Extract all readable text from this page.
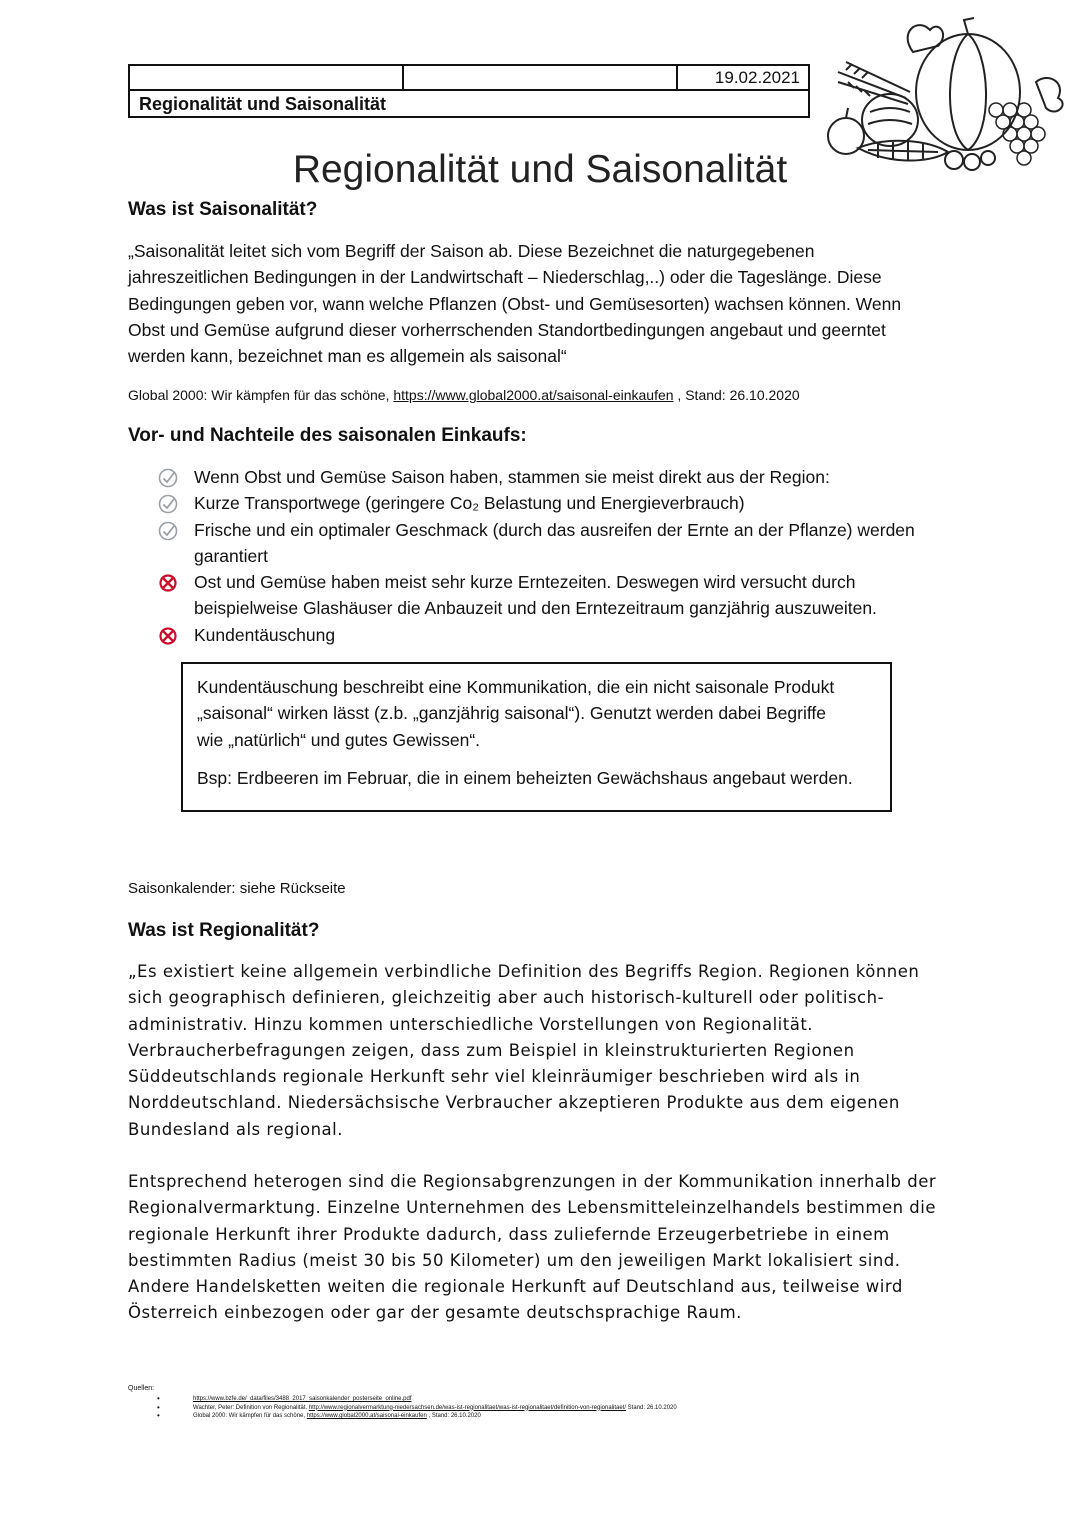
19.02.2021
Regionalität und Saisonalität
Regionalität und Saisonalität
Was ist Saisonalität?
„Saisonalität leitet sich vom Begriff der Saison ab. Diese Bezeichnet die naturgegebenen
jahreszeitlichen Bedingungen in der Landwirtschaft – Niederschlag,..) oder die Tageslänge. Diese
Bedingungen geben vor, wann welche Pflanzen (Obst- und Gemüsesorten) wachsen können. Wenn
Obst und Gemüse aufgrund dieser vorherrschenden Standortbedingungen angebaut und geerntet
werden kann, bezeichnet man es allgemein als saisonal“
Global 2000: Wir kämpfen für das schöne, https://www.global2000.at/saisonal-einkaufen , Stand: 26.10.2020
Vor- und Nachteile des saisonalen Einkaufs:
Wenn Obst und Gemüse Saison haben, stammen sie meist direkt aus der Region:
Kurze Transportwege (geringere Co₂ Belastung und Energieverbrauch)
Frische und ein optimaler Geschmack (durch das ausreifen der Ernte an der Pflanze) werden
garantiert
Ost und Gemüse haben meist sehr kurze Erntezeiten. Deswegen wird versucht durch
beispielweise Glashäuser die Anbauzeit und den Erntezeitraum ganzjährig auszuweiten.
Kundentäuschung

Kundentäuschung beschreibt eine Kommunikation, die ein nicht saisonale Produkt
„saisonal“ wirken lässt (z.b. „ganzjährig saisonal“). Genutzt werden dabei Begriffe
wie „natürlich“ und gutes Gewissen“.

Bsp: Erdbeeren im Februar, die in einem beheizten Gewächshaus angebaut werden.

Saisonkalender: siehe Rückseite
Was ist Regionalität?
„Es existiert keine allgemein verbindliche Definition des Begriffs Region. Regionen können
sich geographisch definieren, gleichzeitig aber auch historisch-kulturell oder politisch-
administrativ. Hinzu kommen unterschiedliche Vorstellungen von Regionalität.
Verbraucherbefragungen zeigen, dass zum Beispiel in kleinstrukturierten Regionen
Süddeutschlands regionale Herkunft sehr viel kleinräumiger beschrieben wird als in
Norddeutschland. Niedersächsische Verbraucher akzeptieren Produkte aus dem eigenen
Bundesland als regional.
Entsprechend heterogen sind die Regionsabgrenzungen in der Kommunikation innerhalb der
Regionalvermarktung. Einzelne Unternehmen des Lebensmitteleinzelhandels bestimmen die
regionale Herkunft ihrer Produkte dadurch, dass zuliefernde Erzeugerbetriebe in einem
bestimmten Radius (meist 30 bis 50 Kilometer) um den jeweiligen Markt lokalisiert sind.
Andere Handelsketten weiten die regionale Herkunft auf Deutschland aus, teilweise wird
Österreich einbezogen oder gar der gesamte deutschsprachige Raum.
Quellen:
• https://www.bzfe.de/_data/files/3488_2017_saisonkalender_posterseite_online.pdf
• Wachter, Peter: Definition von Regionalität. http://www.regionalvermarktung-niedersachsen.de/was-ist-regionalitaet/was-ist-regionalitaet/definition-von-regionalitaet/ Stand: 26.10.2020
• Global 2000: Wir kämpfen für das schöne, https://www.global2000.at/saisonal-einkaufen , Stand: 26.10.2020
